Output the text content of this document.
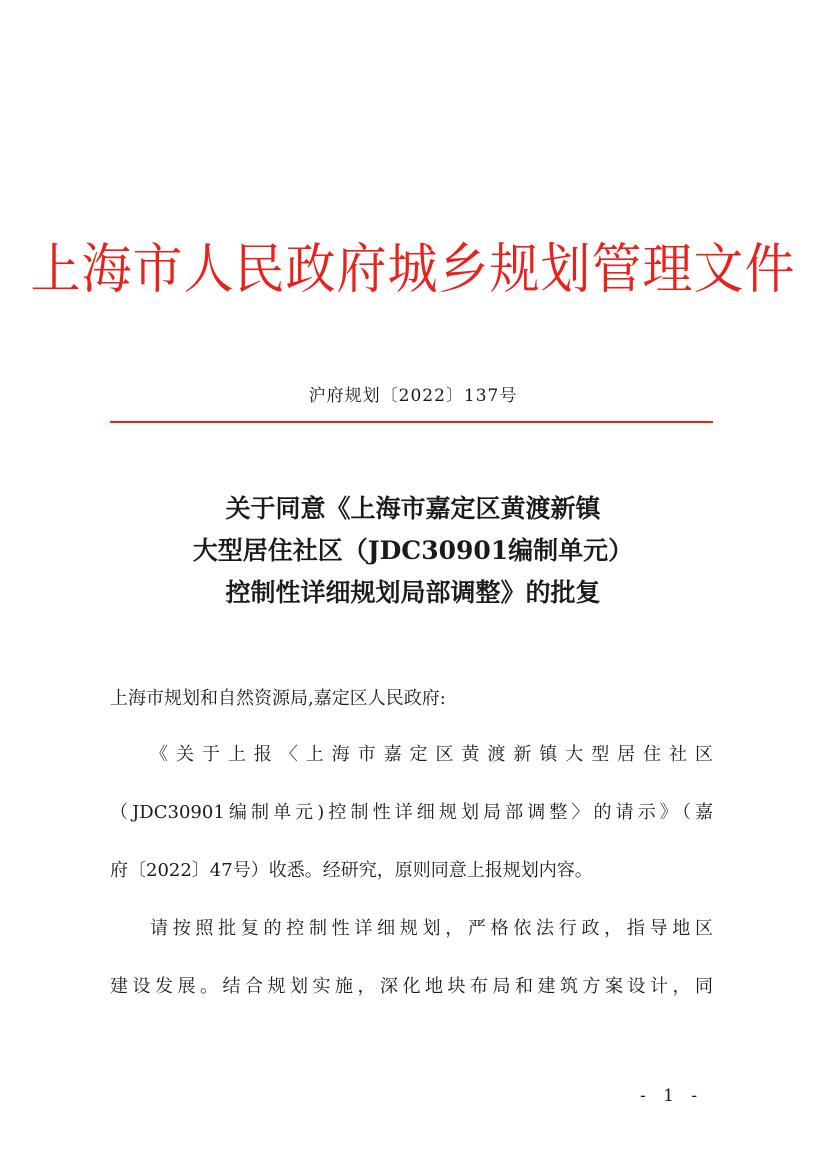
上海市人民政府城乡规划管理文件
沪府规划〔2022〕137号
关于同意《上海市嘉定区黄渡新镇
大型居住社区（JDC30901编制单元）
控制性详细规划局部调整》的批复
上海市规划和自然资源局,嘉定区人民政府:
《关于上报〈上海市嘉定区黄渡新镇大型居住社区
（JDC30901编制单元)控制性详细规划局部调整〉的请示》（嘉
府〔2022〕47号）收悉。经研究，原则同意上报规划内容。
请按照批复的控制性详细规划，严格依法行政，指导地区
建设发展。结合规划实施，深化地块布局和建筑方案设计，同
- 1 -
